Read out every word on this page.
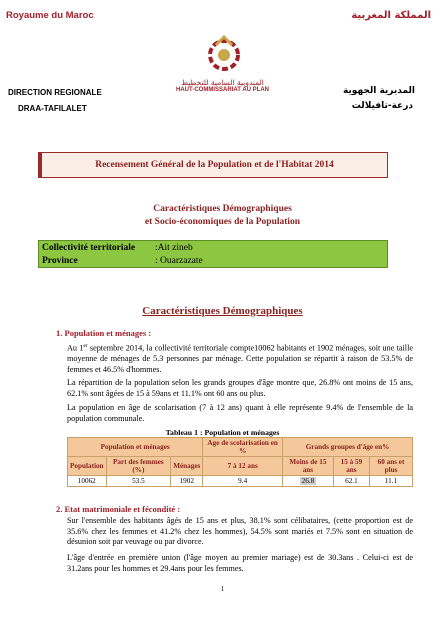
Royaume du Maroc	المملكة المغربية
المندوبية السامية للتخطيط
HAUT-COMMISSARIAT AU PLAN
DIRECTION REGIONALE
DRAA-TAFILALET
المديرية الجهوية
درعة-تافيلالت
Recensement Général de la Population et de l'Habitat 2014
Caractéristiques Démographiques
et Socio-économiques de la Population
Collectivité territoriale :Ait zineb
Province	: Ouarzazate
Caractéristiques Démographiques
1. Population et ménages :
Au 1er septembre 2014, la collectivité territoriale compte10062 habitants et 1902 ménages, soit une taille moyenne de ménages de 5.3 personnes par ménage. Cette population se répartit à raison de 53.5% de femmes et 46.5% d'hommes.
La répartition de la population selon les grands groupes d'âge montre que, 26.8% ont moins de 15 ans, 62.1% sont âgées de 15 à 59ans et 11.1% ont 60 ans ou plus.
La population en âge de scolarisation (7 à 12 ans) quant à elle représente 9.4% de l'ensemble de la population communale.
Tableau 1 : Population et ménages
Population et ménages			Age de scolarisation en %	Grands groupes d'âge en%		
Population	Part des femmes (%)	Ménages	7 à 12 ans	Moins de 15 ans	15 à 59 ans	60 ans et plus
10062	53.5	1902	9.4	26.8	62.1	11.1
2. Etat matrimoniale et fécondité :
Sur l'ensemble des habitants âgés de 15 ans et plus, 38.1% sont célibataires, (cette proportion est de 35.6% chez les femmes et 41.2% chez les hommes), 54.5% sont mariés et 7.5% sont en situation de désunion soit par veuvage ou par divorce.
L'âge d'entrée en première union (l'âge moyen au premier mariage) est de 30.3ans . Celui-ci est de 31.2ans pour les hommes et 29.4ans pour les femmes.
1
